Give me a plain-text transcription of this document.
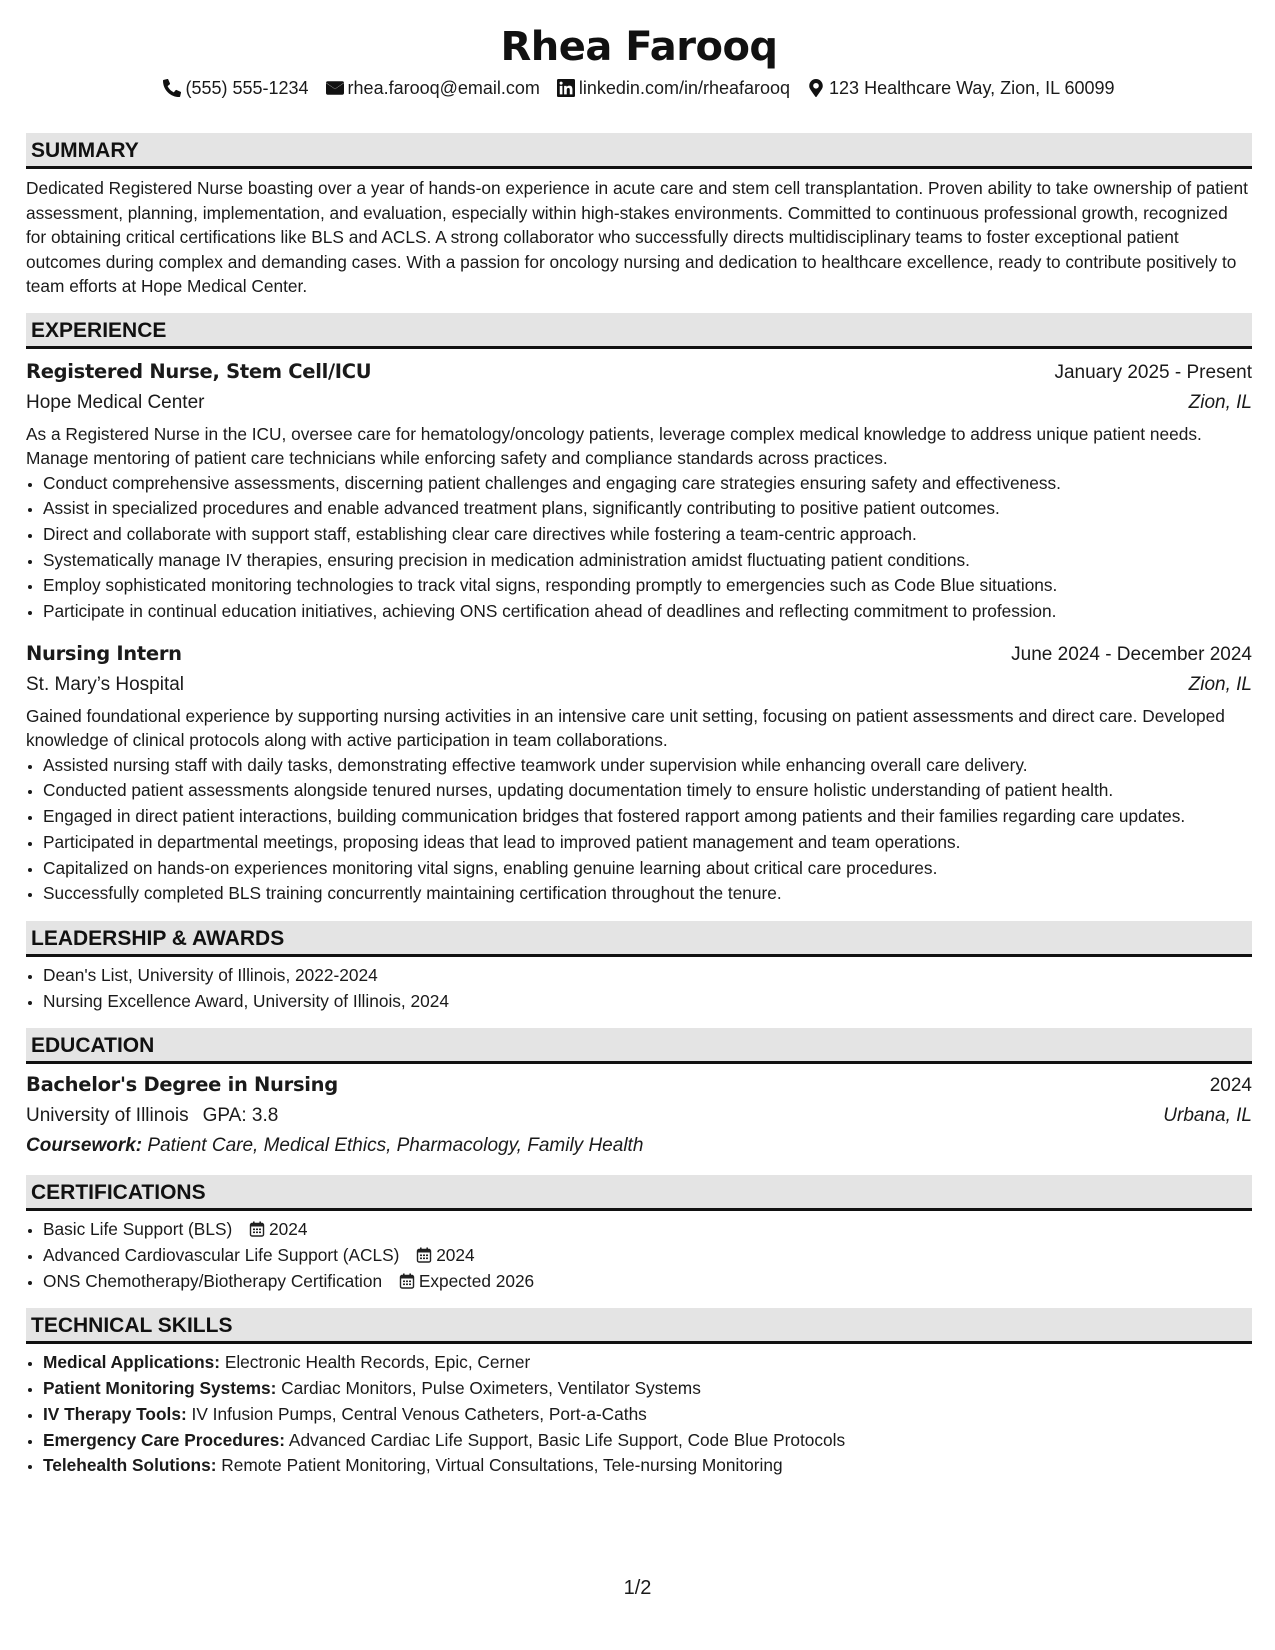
Rhea Farooq
(555) 555-1234 rhea.farooq@email.com linkedin.com/in/rheafarooq 123 Healthcare Way, Zion, IL 60099
SUMMARY

Dedicated Registered Nurse boasting over a year of hands-on experience in acute care and stem cell transplantation. Proven ability to take ownership of patient assessment, planning, implementation, and evaluation, especially within high-stakes environments. Committed to continuous professional growth, recognized for obtaining critical certifications like BLS and ACLS. A strong collaborator who successfully directs multidisciplinary teams to foster exceptional patient outcomes during complex and demanding cases. With a passion for oncology nursing and dedication to healthcare excellence, ready to contribute positively to team efforts at Hope Medical Center.

EXPERIENCE
Registered Nurse, Stem Cell/ICU	January 2025 - Present
Hope Medical Center	Zion, IL

As a Registered Nurse in the ICU, oversee care for hematology/oncology patients, leverage complex medical knowledge to address unique patient needs. Manage mentoring of patient care technicians while enforcing safety and compliance standards across practices.

• Conduct comprehensive assessments, discerning patient challenges and engaging care strategies ensuring safety and effectiveness.
• Assist in specialized procedures and enable advanced treatment plans, significantly contributing to positive patient outcomes.
• Direct and collaborate with support staff, establishing clear care directives while fostering a team-centric approach.
• Systematically manage IV therapies, ensuring precision in medication administration amidst fluctuating patient conditions.
• Employ sophisticated monitoring technologies to track vital signs, responding promptly to emergencies such as Code Blue situations.
• Participate in continual education initiatives, achieving ONS certification ahead of deadlines and reflecting commitment to profession.
Nursing Intern	June 2024 - December 2024
St. Mary’s Hospital	Zion, IL

Gained foundational experience by supporting nursing activities in an intensive care unit setting, focusing on patient assessments and direct care. Developed knowledge of clinical protocols along with active participation in team collaborations.

• Assisted nursing staff with daily tasks, demonstrating effective teamwork under supervision while enhancing overall care delivery.
• Conducted patient assessments alongside tenured nurses, updating documentation timely to ensure holistic understanding of patient health.
• Engaged in direct patient interactions, building communication bridges that fostered rapport among patients and their families regarding care updates.
• Participated in departmental meetings, proposing ideas that lead to improved patient management and team operations.
• Capitalized on hands-on experiences monitoring vital signs, enabling genuine learning about critical care procedures.
• Successfully completed BLS training concurrently maintaining certification throughout the tenure.
LEADERSHIP & AWARDS
• Dean's List, University of Illinois, 2022-2024
• Nursing Excellence Award, University of Illinois, 2024
EDUCATION
Bachelor's Degree in Nursing	2024
University of Illinois GPA: 3.8	Urbana, IL
Coursework: Patient Care, Medical Ethics, Pharmacology, Family Health
CERTIFICATIONS
• Basic Life Support (BLS) 2024
• Advanced Cardiovascular Life Support (ACLS) 2024
• ONS Chemotherapy/Biotherapy Certification Expected 2026
TECHNICAL SKILLS
• Medical Applications: Electronic Health Records, Epic, Cerner
• Patient Monitoring Systems: Cardiac Monitors, Pulse Oximeters, Ventilator Systems
• IV Therapy Tools: IV Infusion Pumps, Central Venous Catheters, Port-a-Caths
• Emergency Care Procedures: Advanced Cardiac Life Support, Basic Life Support, Code Blue Protocols
• Telehealth Solutions: Remote Patient Monitoring, Virtual Consultations, Tele-nursing Monitoring
1/2
